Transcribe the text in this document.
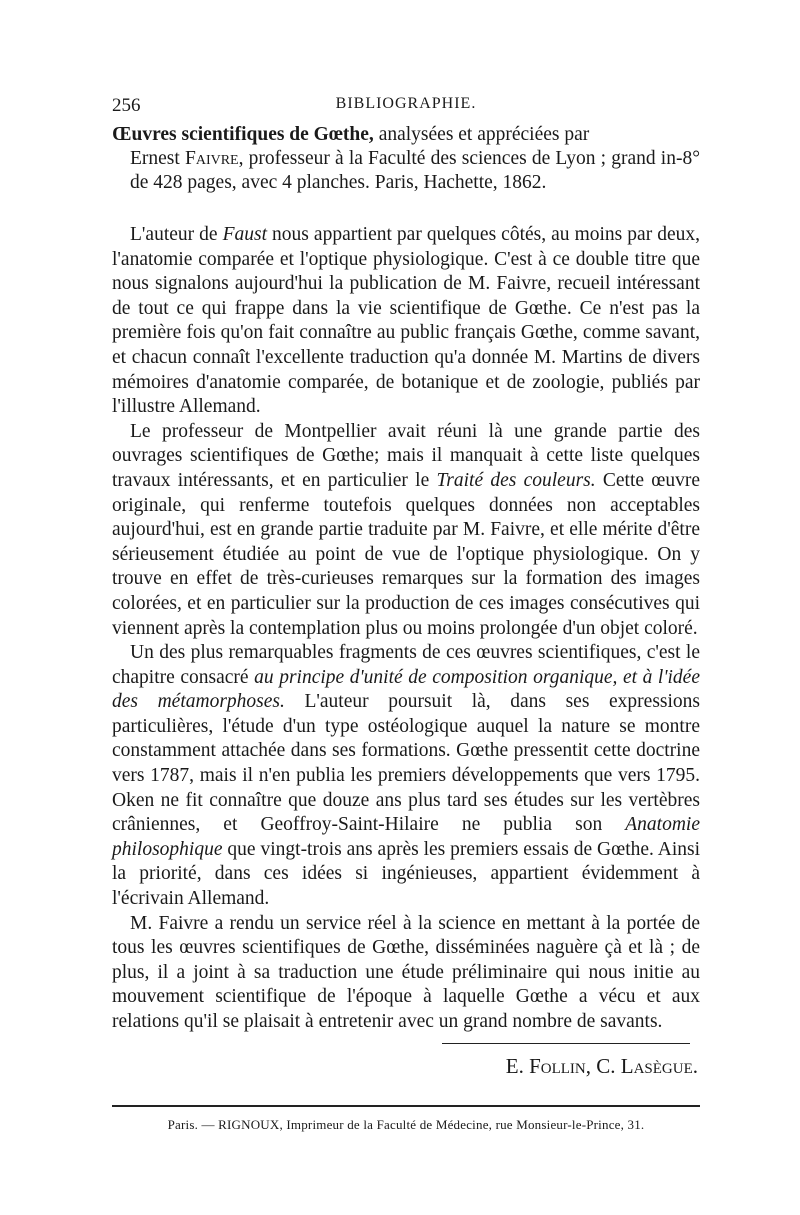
256	BIBLIOGRAPHIE.
Œuvres scientifiques de Gœthe, analysées et appréciées par
Ernest Faivre, professeur à la Faculté des sciences de Lyon ; grand in-8° de 428 pages, avec 4 planches. Paris, Hachette, 1862.

L'auteur de Faust nous appartient par quelques côtés, au moins par deux, l'anatomie comparée et l'optique physiologique. C'est à ce double titre que nous signalons aujourd'hui la publication de M. Faivre, recueil intéressant de tout ce qui frappe dans la vie scientifique de Gœthe. Ce n'est pas la première fois qu'on fait connaître au public français Gœthe, comme savant, et chacun connaît l'excellente traduction qu'a donnée M. Martins de divers mémoires d'anatomie comparée, de botanique et de zoologie, publiés par l'illustre Allemand.

Le professeur de Montpellier avait réuni là une grande partie des ouvrages scientifiques de Gœthe; mais il manquait à cette liste quelques travaux intéressants, et en particulier le Traité des couleurs. Cette œuvre originale, qui renferme toutefois quelques données non acceptables aujourd'hui, est en grande partie traduite par M. Faivre, et elle mérite d'être sérieusement étudiée au point de vue de l'optique physiologique. On y trouve en effet de très-curieuses remarques sur la formation des images colorées, et en particulier sur la production de ces images consécutives qui viennent après la contemplation plus ou moins prolongée d'un objet coloré.

Un des plus remarquables fragments de ces œuvres scientifiques, c'est le chapitre consacré au principe d'unité de composition organique, et à l'idée des métamorphoses. L'auteur poursuit là, dans ses expressions particulières, l'étude d'un type ostéologique auquel la nature se montre constamment attachée dans ses formations. Gœthe pressentit cette doctrine vers 1787, mais il n'en publia les premiers développements que vers 1795. Oken ne fit connaître que douze ans plus tard ses études sur les vertèbres crâniennes, et Geoffroy-Saint-Hilaire ne publia son Anatomie philosophique que vingt-trois ans après les premiers essais de Gœthe. Ainsi la priorité, dans ces idées si ingénieuses, appartient évidemment à l'écrivain Allemand.

M. Faivre a rendu un service réel à la science en mettant à la portée de tous les œuvres scientifiques de Gœthe, disséminées naguère çà et là ; de plus, il a joint à sa traduction une étude préliminaire qui nous initie au mouvement scientifique de l'époque à laquelle Gœthe a vécu et aux relations qu'il se plaisait à entretenir avec un grand nombre de savants.

E. Follin, C. Lasègue.
Paris. — RIGNOUX, Imprimeur de la Faculté de Médecine, rue Monsieur-le-Prince, 31.
